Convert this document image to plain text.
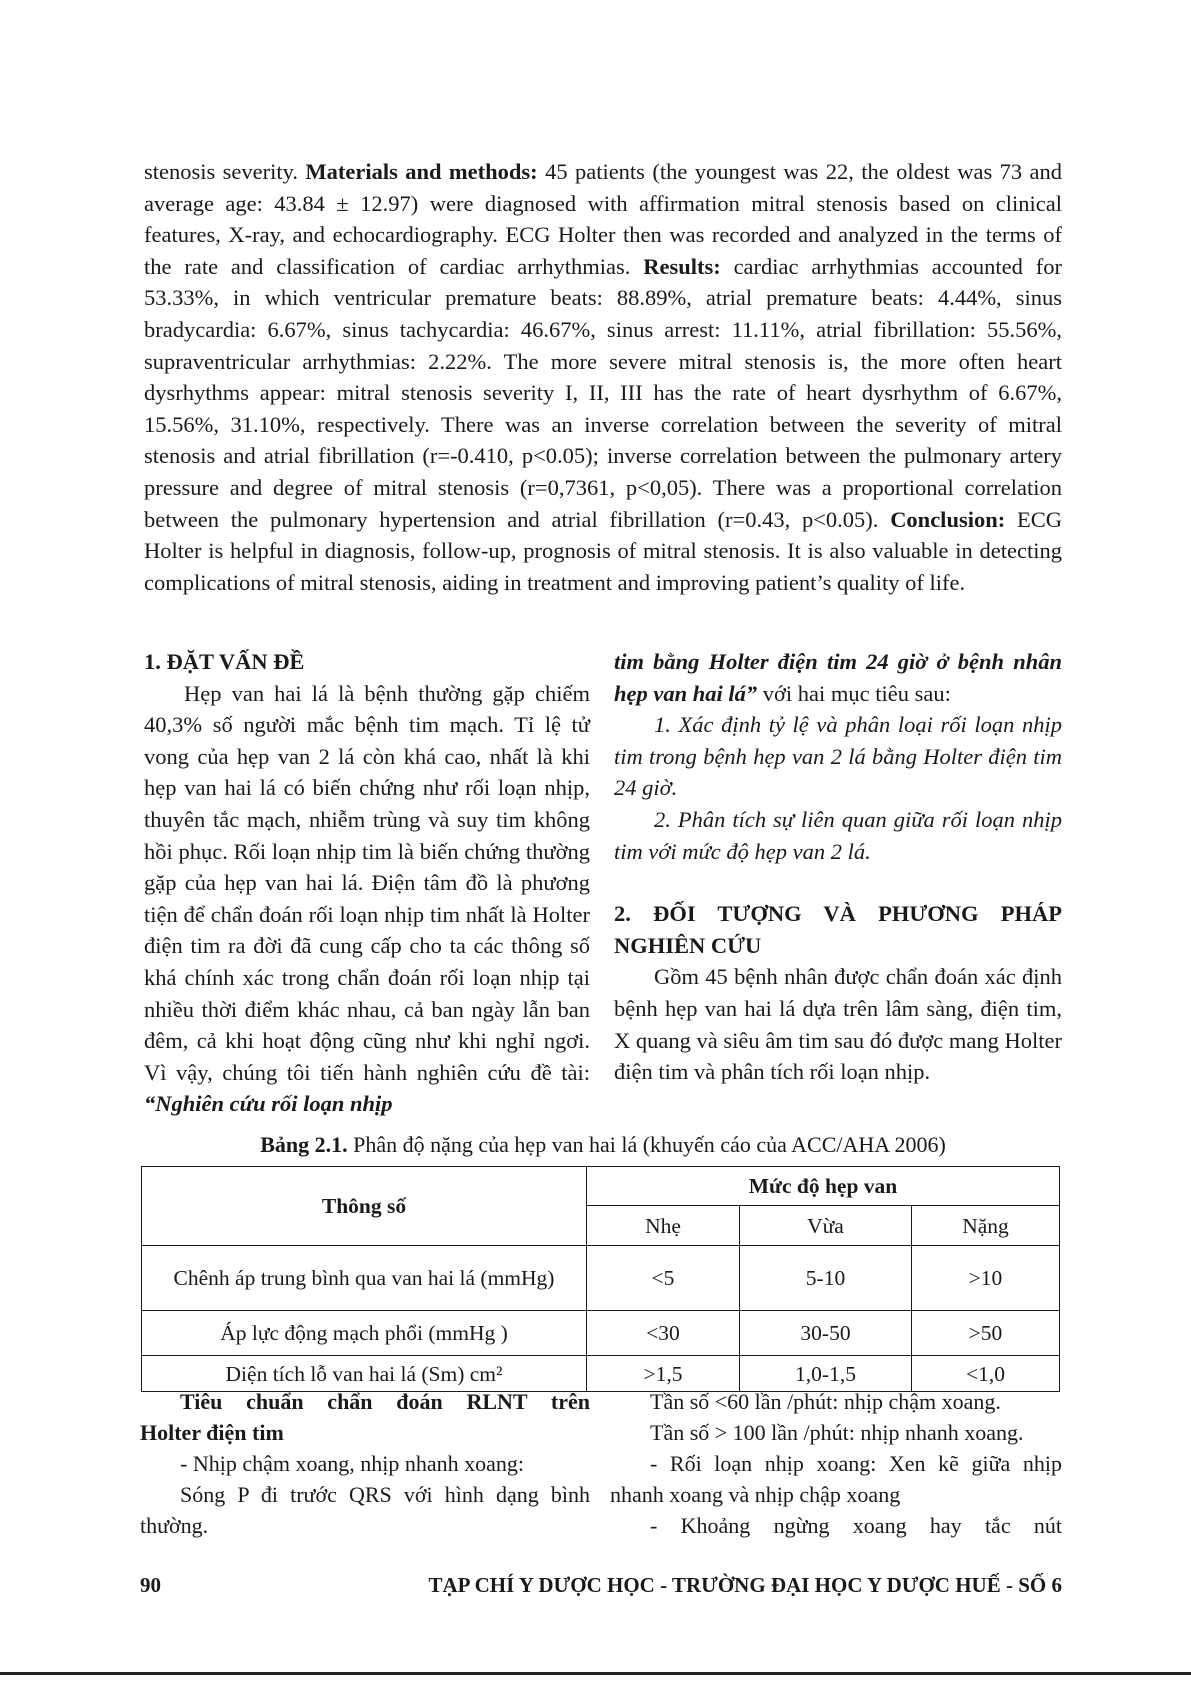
stenosis severity. Materials and methods: 45 patients (the youngest was 22, the oldest was 73 and average age: 43.84 ± 12.97) were diagnosed with affirmation mitral stenosis based on clinical features, X-ray, and echocardiography. ECG Holter then was recorded and analyzed in the terms of the rate and classification of cardiac arrhythmias. Results: cardiac arrhythmias accounted for 53.33%, in which ventricular premature beats: 88.89%, atrial premature beats: 4.44%, sinus bradycardia: 6.67%, sinus tachycardia: 46.67%, sinus arrest: 11.11%, atrial fibrillation: 55.56%, supraventricular arrhythmias: 2.22%. The more severe mitral stenosis is, the more often heart dysrhythms appear: mitral stenosis severity I, II, III has the rate of heart dysrhythm of 6.67%, 15.56%, 31.10%, respectively. There was an inverse correlation between the severity of mitral stenosis and atrial fibrillation (r=-0.410, p<0.05); inverse correlation between the pulmonary artery pressure and degree of mitral stenosis (r=0,7361, p<0,05). There was a proportional correlation between the pulmonary hypertension and atrial fibrillation (r=0.43, p<0.05). Conclusion: ECG Holter is helpful in diagnosis, follow-up, prognosis of mitral stenosis. It is also valuable in detecting complications of mitral stenosis, aiding in treatment and improving patient’s quality of life.

1. ĐẶT VẤN ĐỀ

Hẹp van hai lá là bệnh thường gặp chiếm 40,3% số người mắc bệnh tim mạch. Tỉ lệ tử vong của hẹp van 2 lá còn khá cao, nhất là khi hẹp van hai lá có biến chứng như rối loạn nhịp, thuyên tắc mạch, nhiễm trùng và suy tim không hồi phục. Rối loạn nhịp tim là biến chứng thường gặp của hẹp van hai lá. Điện tâm đồ là phương tiện để chẩn đoán rối loạn nhịp tim nhất là Holter điện tim ra đời đã cung cấp cho ta các thông số khá chính xác trong chẩn đoán rối loạn nhịp tại nhiều thời điểm khác nhau, cả ban ngày lẫn ban đêm, cả khi hoạt động cũng như khi nghỉ ngơi. Vì vậy, chúng tôi tiến hành nghiên cứu đề tài: “Nghiên cứu rối loạn nhịp

tim bằng Holter điện tim 24 giờ ở bệnh nhân hẹp van hai lá” với hai mục tiêu sau:

1. Xác định tỷ lệ và phân loại rối loạn nhịp tim trong bệnh hẹp van 2 lá bằng Holter điện tim 24 giờ.

2. Phân tích sự liên quan giữa rối loạn nhịp tim với mức độ hẹp van 2 lá.

2. ĐỐI TƯỢNG VÀ PHƯƠNG PHÁP NGHIÊN CỨU

Gồm 45 bệnh nhân được chẩn đoán xác định bệnh hẹp van hai lá dựa trên lâm sàng, điện tim, X quang và siêu âm tim sau đó được mang Holter điện tim và phân tích rối loạn nhịp.

Bảng 2.1. Phân độ nặng của hẹp van hai lá (khuyến cáo của ACC/AHA 2006)

Thông số	Mức độ hẹp van		
	Nhẹ	Vừa	Nặng
Chênh áp trung bình qua van hai lá (mmHg)	<5	5-10	>10
Áp lực động mạch phổi (mmHg )	<30	30-50	>50
Diện tích lỗ van hai lá (Sm) cm²	>1,5	1,0-1,5	<1,0

Tiêu chuẩn chẩn đoán RLNT trên

Holter điện tim

- Nhịp chậm xoang, nhịp nhanh xoang:

Sóng P đi trước QRS với hình dạng bình thường.

Tần số <60 lần /phút: nhịp chậm xoang.

Tần số > 100 lần /phút: nhịp nhanh xoang.

- Rối loạn nhịp xoang: Xen kẽ giữa nhịp nhanh xoang và nhịp chập xoang

- Khoảng ngừng xoang hay tắc nút

90	TẠP CHÍ Y DƯỢC HỌC - TRƯỜNG ĐẠI HỌC Y DƯỢC HUẾ - SỐ 6
